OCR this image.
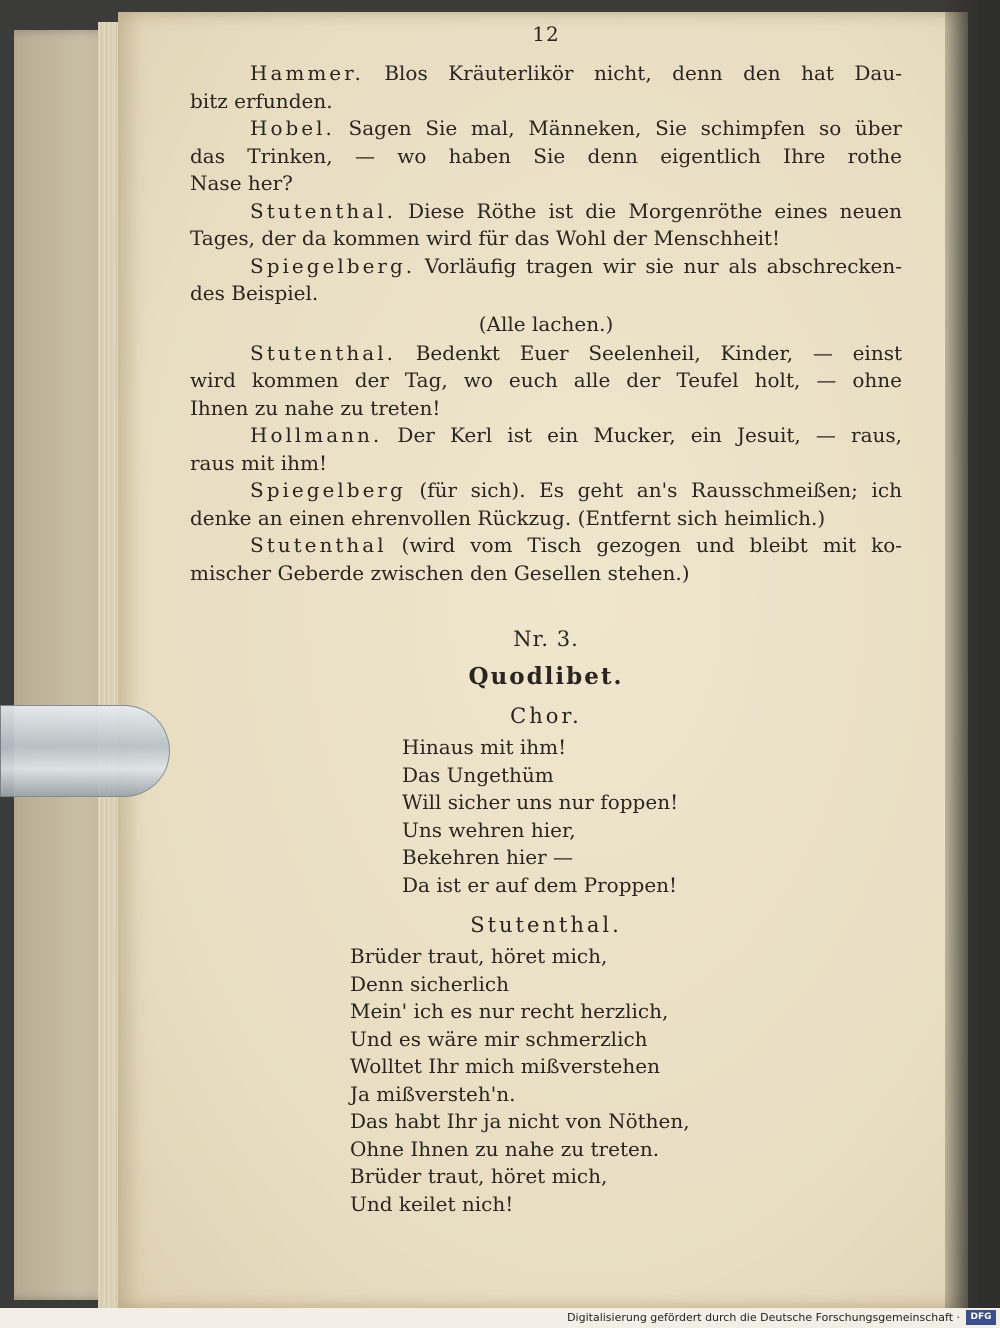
12
Hammer. Blos Kräuterlikör nicht, denn den hat Dau-
bitz erfunden.
Hobel. Sagen Sie mal, Männeken, Sie schimpfen so über
das Trinken, — wo haben Sie denn eigentlich Ihre rothe
Nase her?
Stutenthal. Diese Röthe ist die Morgenröthe eines neuen
Tages, der da kommen wird für das Wohl der Menschheit!
Spiegelberg. Vorläufig tragen wir sie nur als abschrecken-
des Beispiel.
(Alle lachen.)
Stutenthal. Bedenkt Euer Seelenheil, Kinder, — einst
wird kommen der Tag, wo euch alle der Teufel holt, — ohne
Ihnen zu nahe zu treten!
Hollmann. Der Kerl ist ein Mucker, ein Jesuit, — raus,
raus mit ihm!
Spiegelberg (für sich). Es geht an's Rausschmeißen; ich
denke an einen ehrenvollen Rückzug. (Entfernt sich heimlich.)
Stutenthal (wird vom Tisch gezogen und bleibt mit ko-
mischer Geberde zwischen den Gesellen stehen.)
Nr. 3.
Quodlibet.
Chor.
Hinaus mit ihm!
Das Ungethüm
Will sicher uns nur foppen!
Uns wehren hier,
Bekehren hier —
Da ist er auf dem Proppen!
Stutenthal.
Brüder traut, höret mich,
Denn sicherlich
Mein' ich es nur recht herzlich,
Und es wäre mir schmerzlich
Wolltet Ihr mich mißverstehen
Ja mißversteh'n.
Das habt Ihr ja nicht von Nöthen,
Ohne Ihnen zu nahe zu treten.
Brüder traut, höret mich,
Und keilet nich!
Digitalisierung gefördert durch die Deutsche Forschungsgemeinschaft ·	DFG
